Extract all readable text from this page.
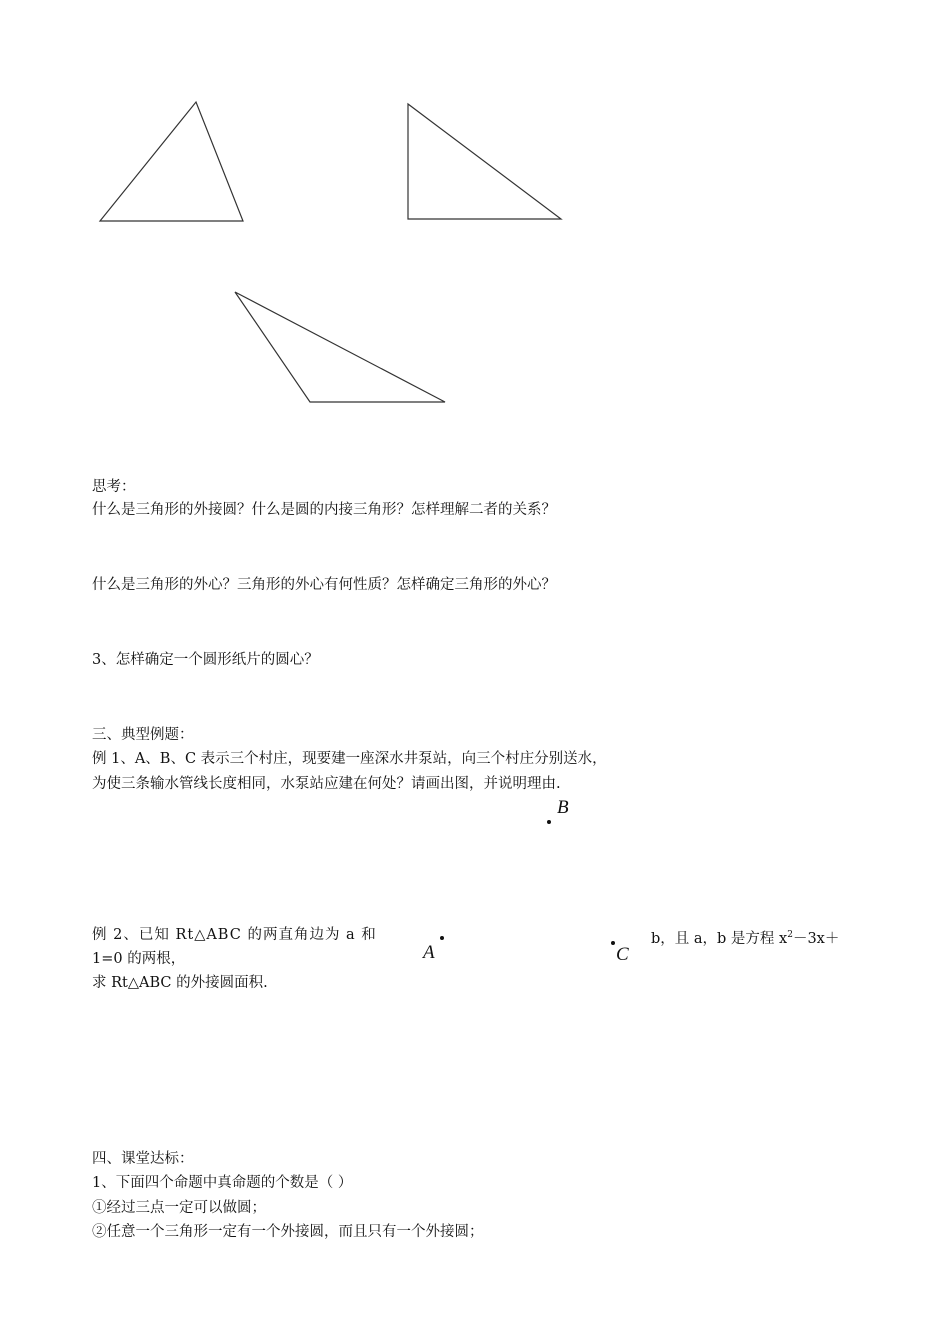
思考：
什么是三角形的外接圆？什么是圆的内接三角形？怎样理解二者的关系？
什么是三角形的外心？三角形的外心有何性质？怎样确定三角形的外心？
3、怎样确定一个圆形纸片的圆心？
三、典型例题：
例 1、A、B、C 表示三个村庄，现要建一座深水井泵站，向三个村庄分别送水，
为使三条输水管线长度相同，水泵站应建在何处？请画出图，并说明理由.
B
A	C
例 2、已知 Rt△ABC 的两直角边为 a 和	b，且 a，b 是方程 $x^2-3x+$
1=0 的两根，
求 Rt△ABC 的外接圆面积.
四、课堂达标：
1、下面四个命题中真命题的个数是（ ）
①经过三点一定可以做圆；
②任意一个三角形一定有一个外接圆，而且只有一个外接圆；
